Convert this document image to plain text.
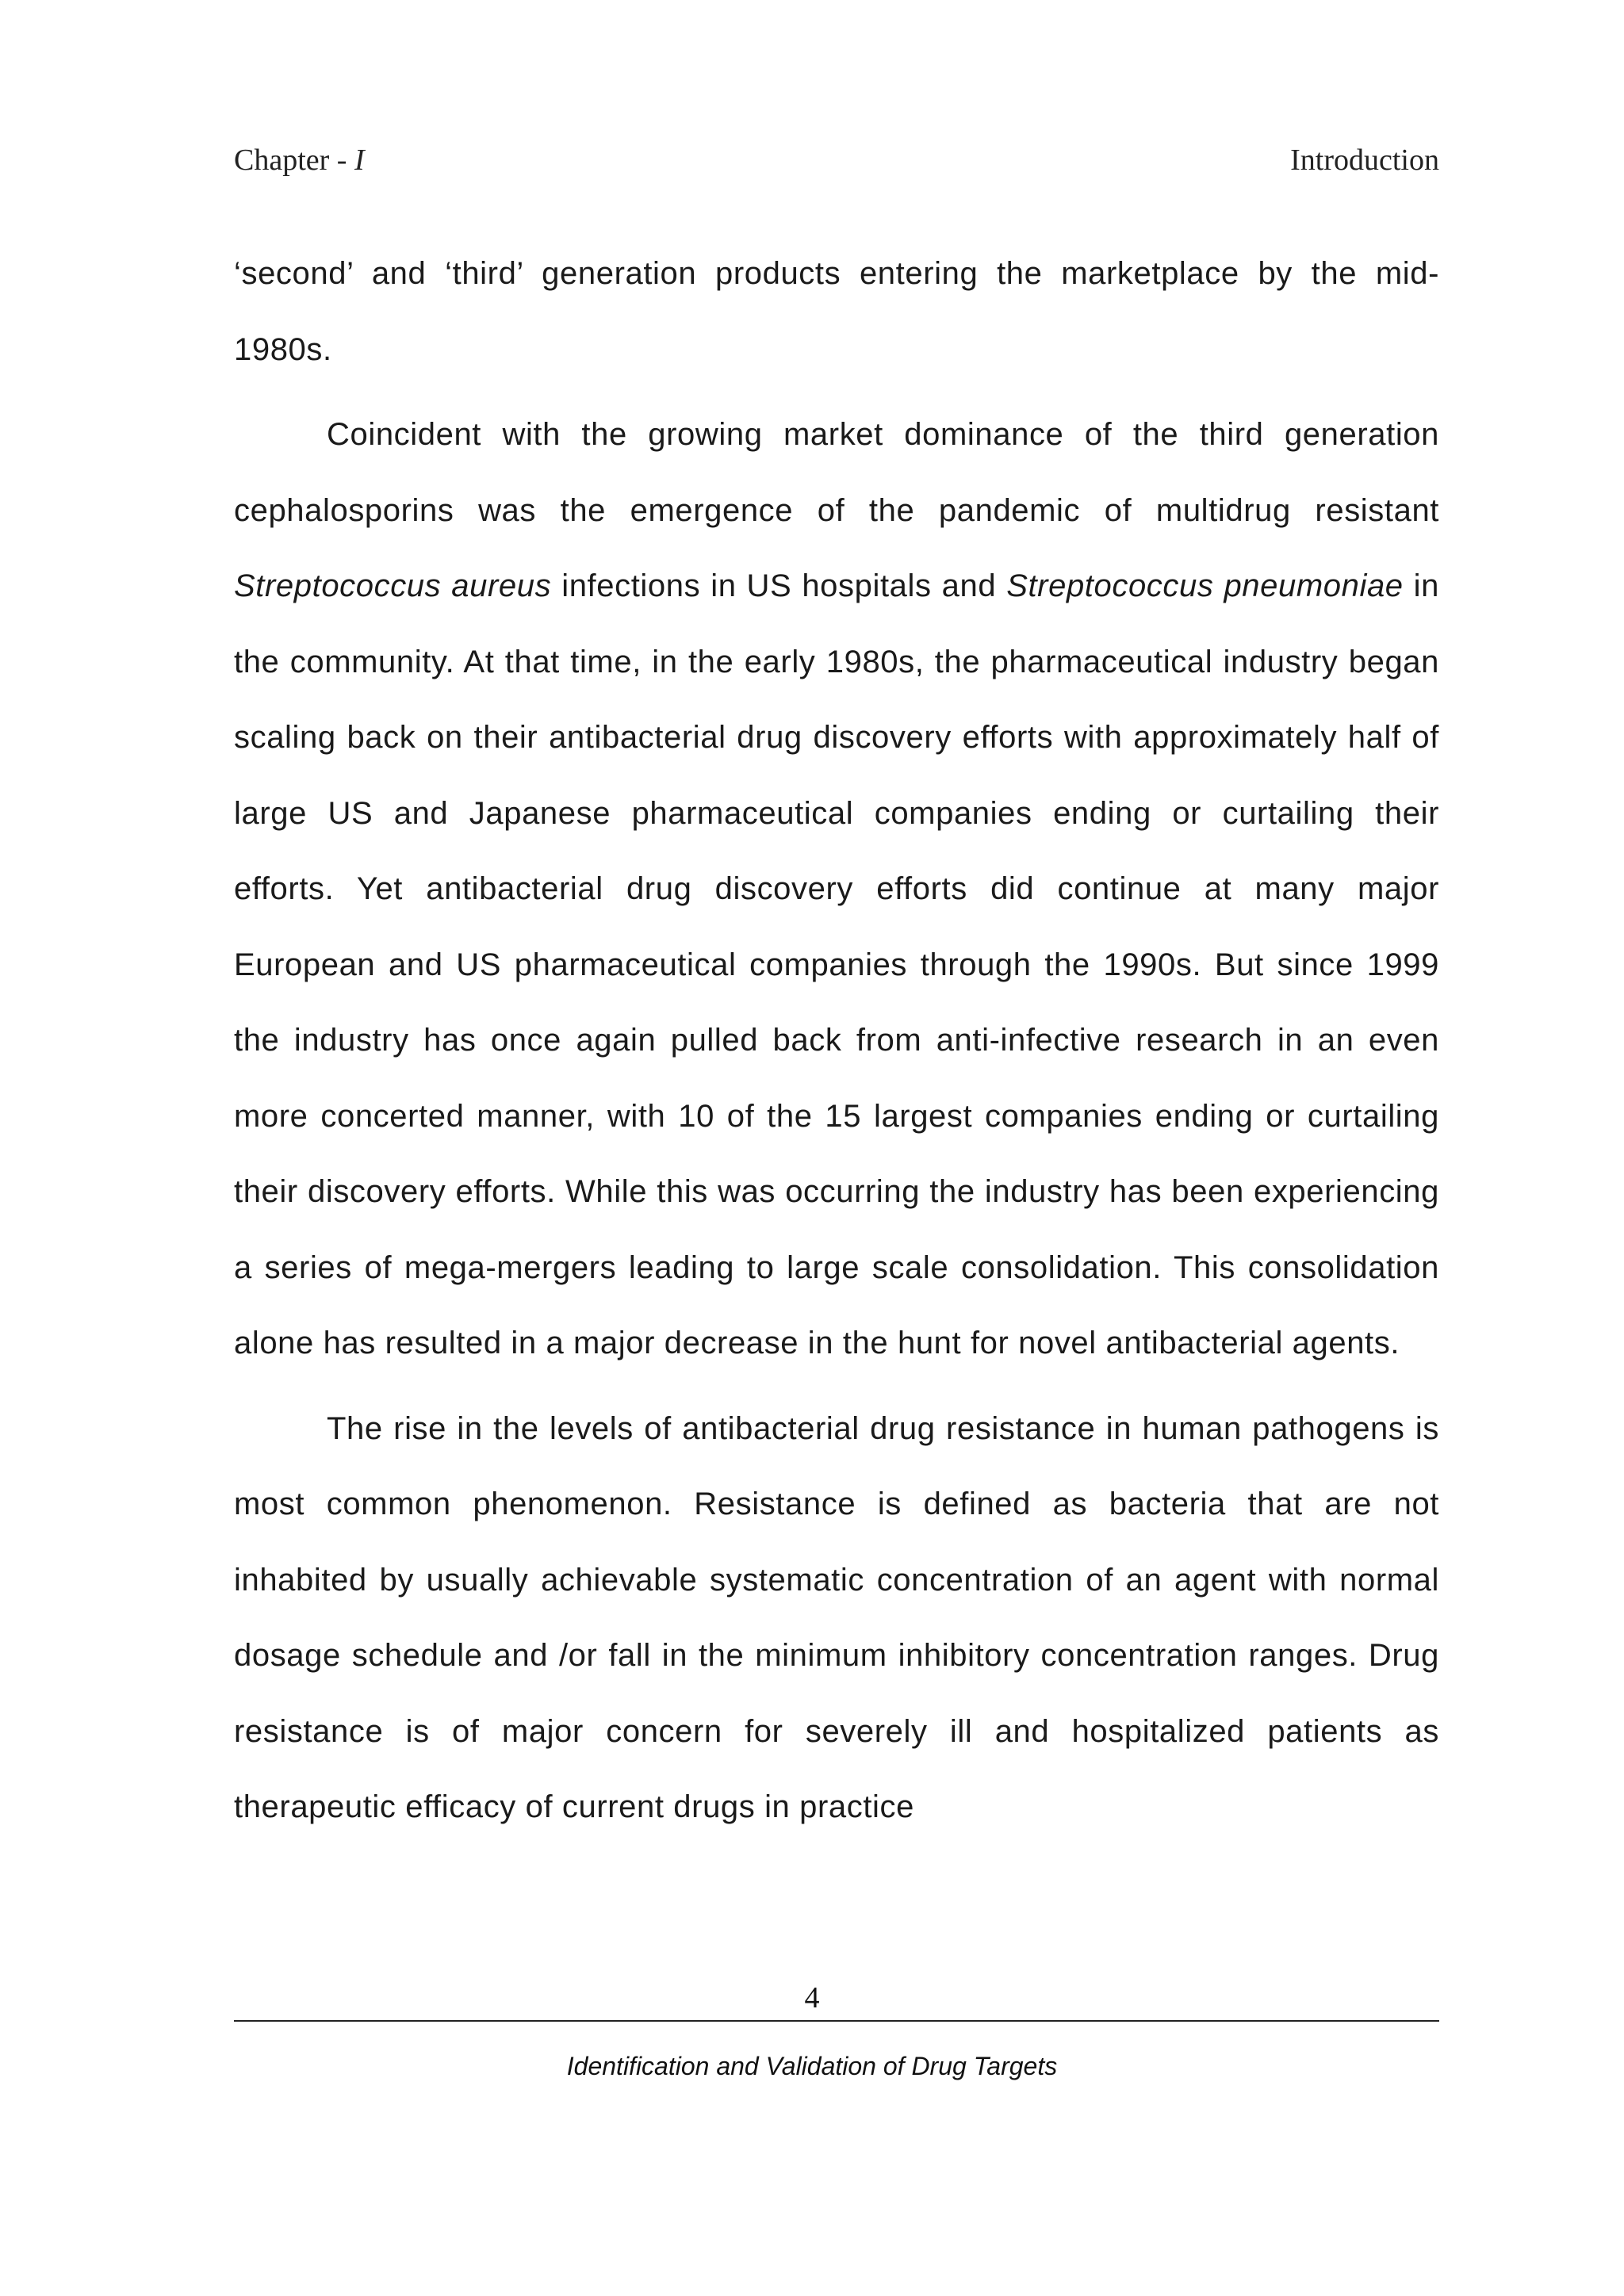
Chapter - I	Introduction

‘second’ and ‘third’ generation products entering the marketplace by the mid-1980s.

Coincident with the growing market dominance of the third generation cephalosporins was the emergence of the pandemic of multidrug resistant Streptococcus aureus infections in US hospitals and Streptococcus pneumoniae in the community. At that time, in the early 1980s, the pharmaceutical industry began scaling back on their antibacterial drug discovery efforts with approximately half of large US and Japanese pharmaceutical companies ending or curtailing their efforts. Yet antibacterial drug discovery efforts did continue at many major European and US pharmaceutical companies through the 1990s. But since 1999 the industry has once again pulled back from anti-infective research in an even more concerted manner, with 10 of the 15 largest companies ending or curtailing their discovery efforts. While this was occurring the industry has been experiencing a series of mega-mergers leading to large scale consolidation. This consolidation alone has resulted in a major decrease in the hunt for novel antibacterial agents.

The rise in the levels of antibacterial drug resistance in human pathogens is most common phenomenon. Resistance is defined as bacteria that are not inhabited by usually achievable systematic concentration of an agent with normal dosage schedule and /or fall in the minimum inhibitory concentration ranges. Drug resistance is of major concern for severely ill and hospitalized patients as therapeutic efficacy of current drugs in practice

4
Identification and Validation of Drug Targets
